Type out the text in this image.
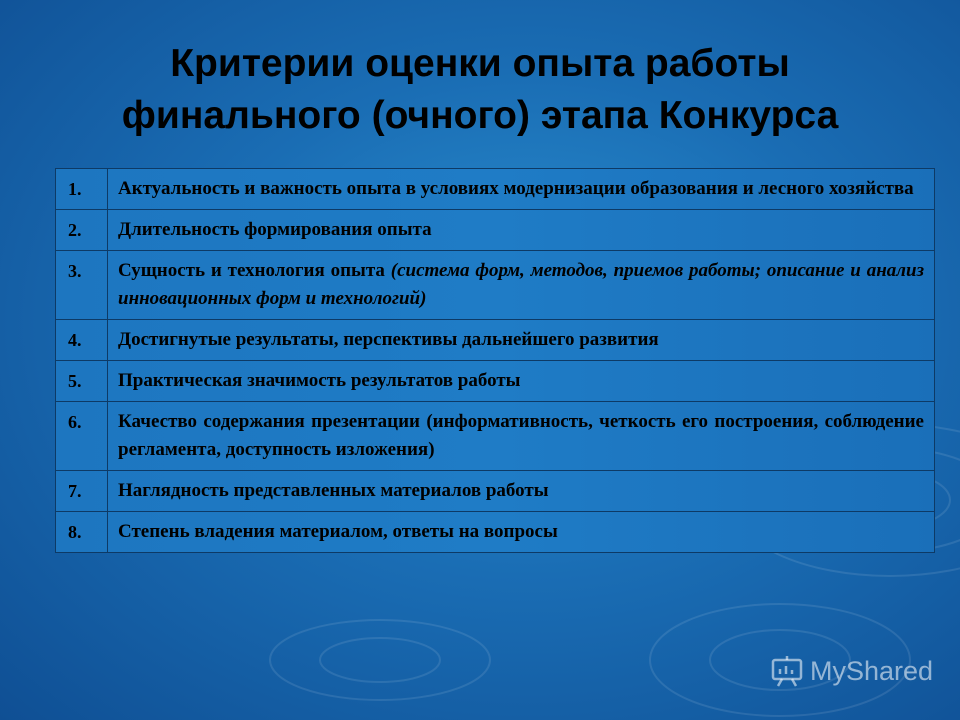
Критерии оценки опыта работы
финального (очного) этапа Конкурса
1.	Актуальность и важность опыта в условиях модернизации образования и лесного хозяйства
2.	Длительность формирования опыта
3.	Сущность и технология опыта (система форм, методов, приемов работы; описание и анализ инновационных форм и технологий)
4.	Достигнутые результаты, перспективы дальнейшего развития
5.	Практическая значимость результатов работы
6.	Качество содержания презентации (информативность, четкость его построения, соблюдение регламента, доступность изложения)
7.	Наглядность представленных материалов работы
8.	Степень владения материалом, ответы на вопросы
MyShared
